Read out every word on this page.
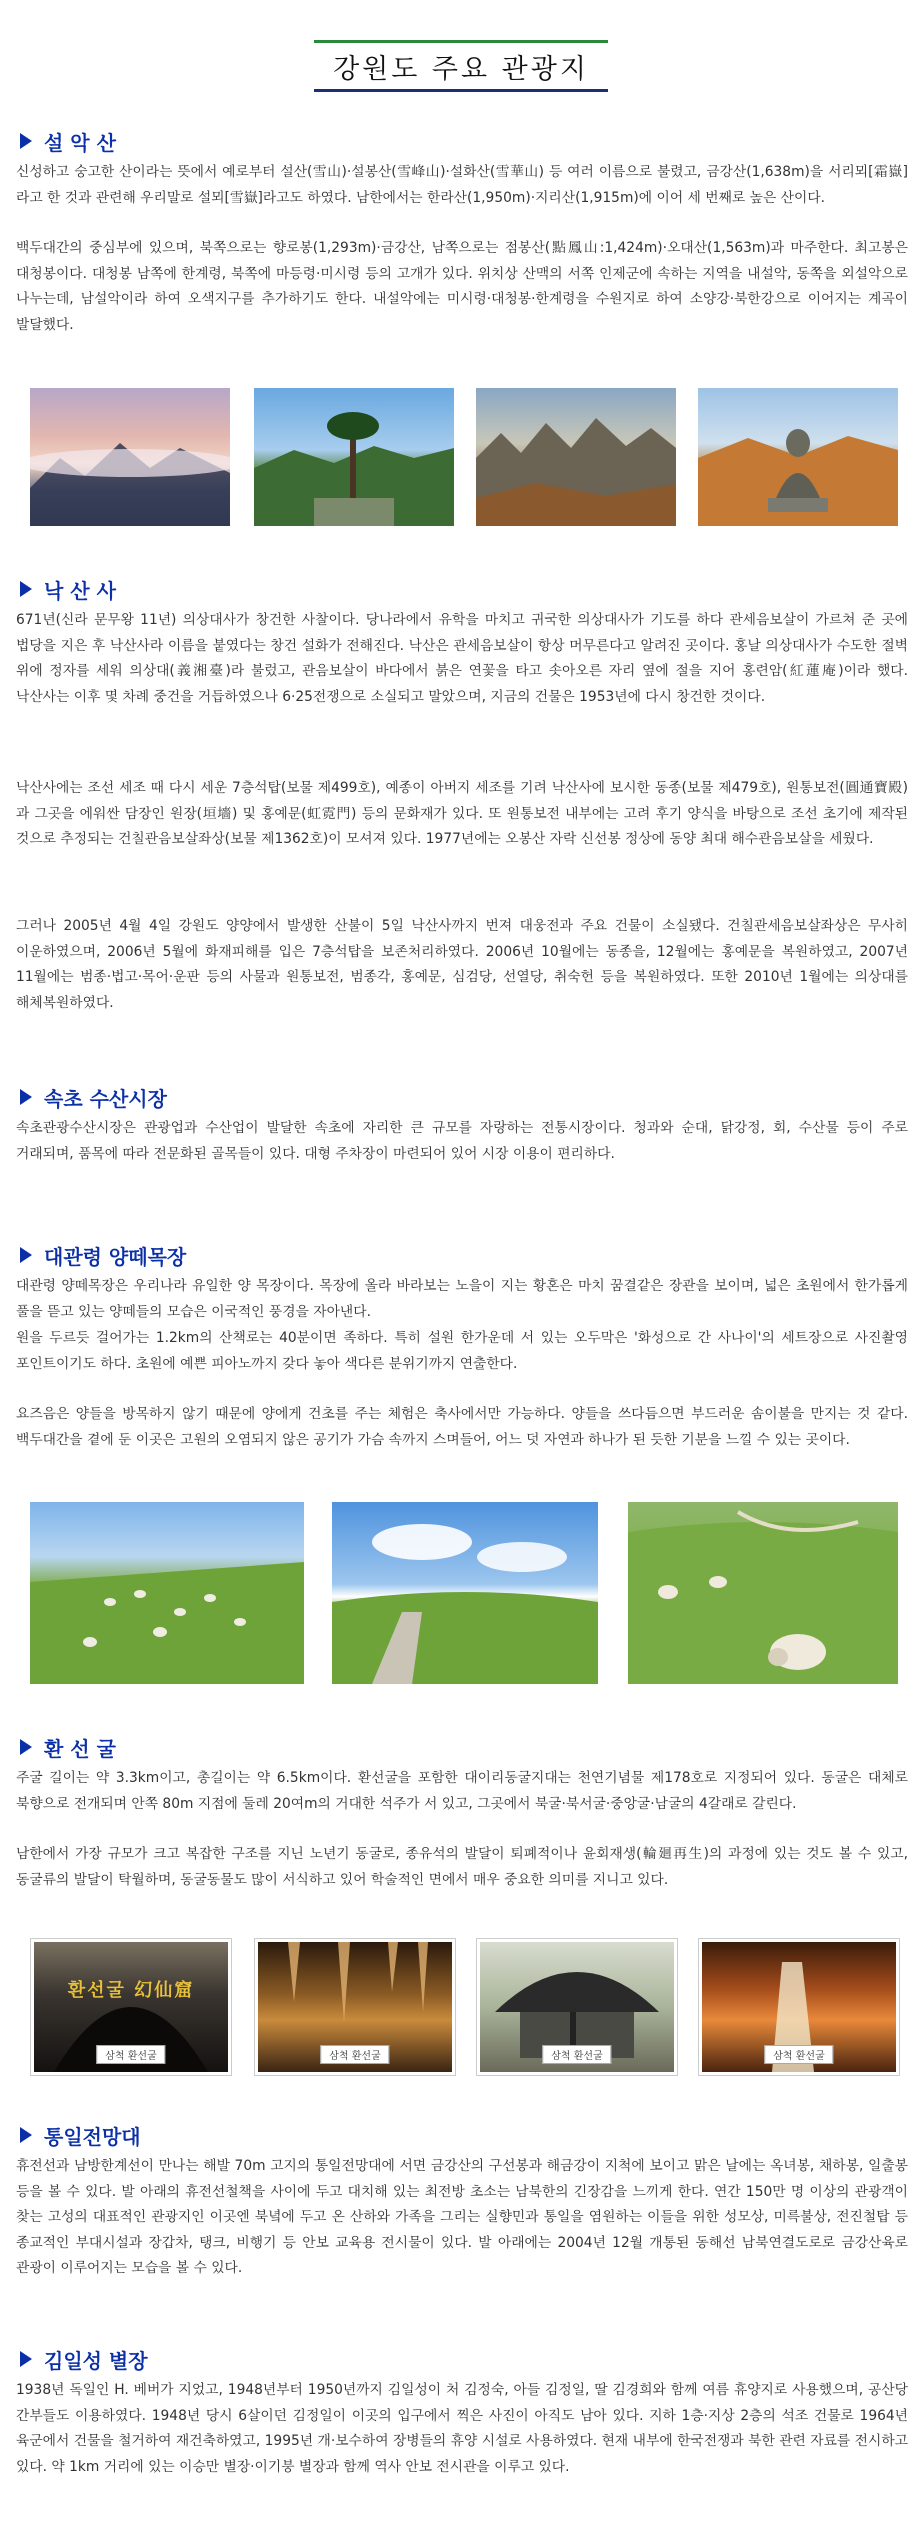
강원도 주요 관광지
설 악 산

신성하고 숭고한 산이라는 뜻에서 예로부터 설산(雪山)·설봉산(雪峰山)·설화산(雪華山) 등 여러 이름으로 불렸고, 금강산(1,638m)을 서리뫼[霜嶽]라고 한 것과 관련해 우리말로 설뫼[雪嶽]라고도 하였다. 남한에서는 한라산(1,950m)·지리산(1,915m)에 이어 세 번째로 높은 산이다.

백두대간의 중심부에 있으며, 북쪽으로는 향로봉(1,293m)·금강산, 남쪽으로는 점봉산(點鳳山:1,424m)·오대산(1,563m)과 마주한다. 최고봉은 대청봉이다. 대청봉 남쪽에 한계령, 북쪽에 마등령·미시령 등의 고개가 있다. 위치상 산맥의 서쪽 인제군에 속하는 지역을 내설악, 동쪽을 외설악으로 나누는데, 남설악이라 하여 오색지구를 추가하기도 한다. 내설악에는 미시령·대청봉·한계령을 수원지로 하여 소양강·북한강으로 이어지는 계곡이 발달했다.

낙 산 사

671년(신라 문무왕 11년) 의상대사가 창건한 사찰이다. 당나라에서 유학을 마치고 귀국한 의상대사가 기도를 하다 관세음보살이 가르쳐 준 곳에 법당을 지은 후 낙산사라 이름을 붙였다는 창건 설화가 전해진다. 낙산은 관세음보살이 항상 머무른다고 알려진 곳이다. 홍날 의상대사가 수도한 절벽 위에 정자를 세워 의상대(義湘臺)라 불렀고, 관음보살이 바다에서 붉은 연꽃을 타고 솟아오른 자리 옆에 절을 지어 홍련암(紅蓮庵)이라 했다. 낙산사는 이후 몇 차례 중건을 거듭하였으나 6·25전쟁으로 소실되고 말았으며, 지금의 건물은 1953년에 다시 창건한 것이다.

낙산사에는 조선 세조 때 다시 세운 7층석탑(보물 제499호), 예종이 아버지 세조를 기려 낙산사에 보시한 동종(보물 제479호), 원통보전(圓通寶殿)과 그곳을 에워싼 담장인 원장(垣墻) 및 홍예문(虹霓門) 등의 문화재가 있다. 또 원통보전 내부에는 고려 후기 양식을 바탕으로 조선 초기에 제작된 것으로 추정되는 건칠관음보살좌상(보물 제1362호)이 모셔져 있다. 1977년에는 오봉산 자락 신선봉 정상에 동양 최대 해수관음보살을 세웠다.

그러나 2005년 4월 4일 강원도 양양에서 발생한 산불이 5일 낙산사까지 번져 대웅전과 주요 건물이 소실됐다. 건칠관세음보살좌상은 무사히 이운하였으며, 2006년 5월에 화재피해를 입은 7층석탑을 보존처리하였다. 2006년 10월에는 동종을, 12월에는 홍예문을 복원하였고, 2007년 11월에는 범종·법고·목어·운판 등의 사물과 원통보전, 범종각, 홍예문, 심검당, 선열당, 취숙헌 등을 복원하였다. 또한 2010년 1월에는 의상대를 해체복원하였다.

속초 수산시장

속초관광수산시장은 관광업과 수산업이 발달한 속초에 자리한 큰 규모를 자랑하는 전통시장이다. 청과와 순대, 닭강정, 회, 수산물 등이 주로 거래되며, 품목에 따라 전문화된 골목들이 있다. 대형 주차장이 마련되어 있어 시장 이용이 편리하다.

대관령 양떼목장

대관령 양떼목장은 우리나라 유일한 양 목장이다. 목장에 올라 바라보는 노을이 지는 황혼은 마치 꿈결같은 장관을 보이며, 넓은 초원에서 한가롭게 풀을 뜯고 있는 양떼들의 모습은 이국적인 풍경을 자아낸다.

원을 두르듯 걸어가는 1.2km의 산책로는 40분이면 족하다. 특히 설원 한가운데 서 있는 오두막은 '화성으로 간 사나이'의 세트장으로 사진촬영 포인트이기도 하다. 초원에 예쁜 피아노까지 갖다 놓아 색다른 분위기까지 연출한다.

요즈음은 양들을 방목하지 않기 때문에 양에게 건초를 주는 체험은 축사에서만 가능하다. 양들을 쓰다듬으면 부드러운 솜이불을 만지는 것 같다. 백두대간을 곁에 둔 이곳은 고원의 오염되지 않은 공기가 가슴 속까지 스며들어, 어느 덧 자연과 하나가 된 듯한 기분을 느낄 수 있는 곳이다.

환 선 굴

주굴 길이는 약 3.3km이고, 총길이는 약 6.5km이다. 환선굴을 포함한 대이리동굴지대는 천연기념물 제178호로 지정되어 있다. 동굴은 대체로 북향으로 전개되며 안쪽 80m 지점에 둘레 20여m의 거대한 석주가 서 있고, 그곳에서 북굴·북서굴·중앙굴·남굴의 4갈래로 갈린다.

남한에서 가장 규모가 크고 복잡한 구조를 지닌 노년기 동굴로, 종유석의 발달이 퇴폐적이나 윤회재생(輪廻再生)의 과정에 있는 것도 볼 수 있고, 동굴류의 발달이 탁월하며, 동굴동물도 많이 서식하고 있어 학술적인 면에서 매우 중요한 의미를 지니고 있다.

환선굴 幻仙窟
삼척 환선굴	삼척 환선굴	삼척 환선굴	삼척 환선굴
통일전망대

휴전선과 남방한계선이 만나는 해발 70m 고지의 통일전망대에 서면 금강산의 구선봉과 해금강이 지척에 보이고 맑은 날에는 옥녀봉, 채하봉, 일출봉 등을 볼 수 있다. 발 아래의 휴전선철책을 사이에 두고 대치해 있는 최전방 초소는 남북한의 긴장감을 느끼게 한다. 연간 150만 명 이상의 관광객이 찾는 고성의 대표적인 관광지인 이곳엔 북녘에 두고 온 산하와 가족을 그리는 실향민과 통일을 염원하는 이들을 위한 성모상, 미륵불상, 전진철탑 등 종교적인 부대시설과 장갑차, 탱크, 비행기 등 안보 교육용 전시물이 있다. 발 아래에는 2004년 12월 개통된 동해선 남북연결도로로 금강산육로 관광이 이루어지는 모습을 볼 수 있다.

김일성 별장

1938년 독일인 H. 베버가 지었고, 1948년부터 1950년까지 김일성이 처 김정숙, 아들 김정일, 딸 김경희와 함께 여름 휴양지로 사용했으며, 공산당 간부들도 이용하였다. 1948년 당시 6살이던 김정일이 이곳의 입구에서 찍은 사진이 아직도 남아 있다. 지하 1층·지상 2층의 석조 건물로 1964년 육군에서 건물을 철거하여 재건축하였고, 1995년 개·보수하여 장병들의 휴양 시설로 사용하였다. 현재 내부에 한국전쟁과 북한 관련 자료를 전시하고 있다. 약 1km 거리에 있는 이승만 별장·이기붕 별장과 함께 역사 안보 전시관을 이루고 있다.
